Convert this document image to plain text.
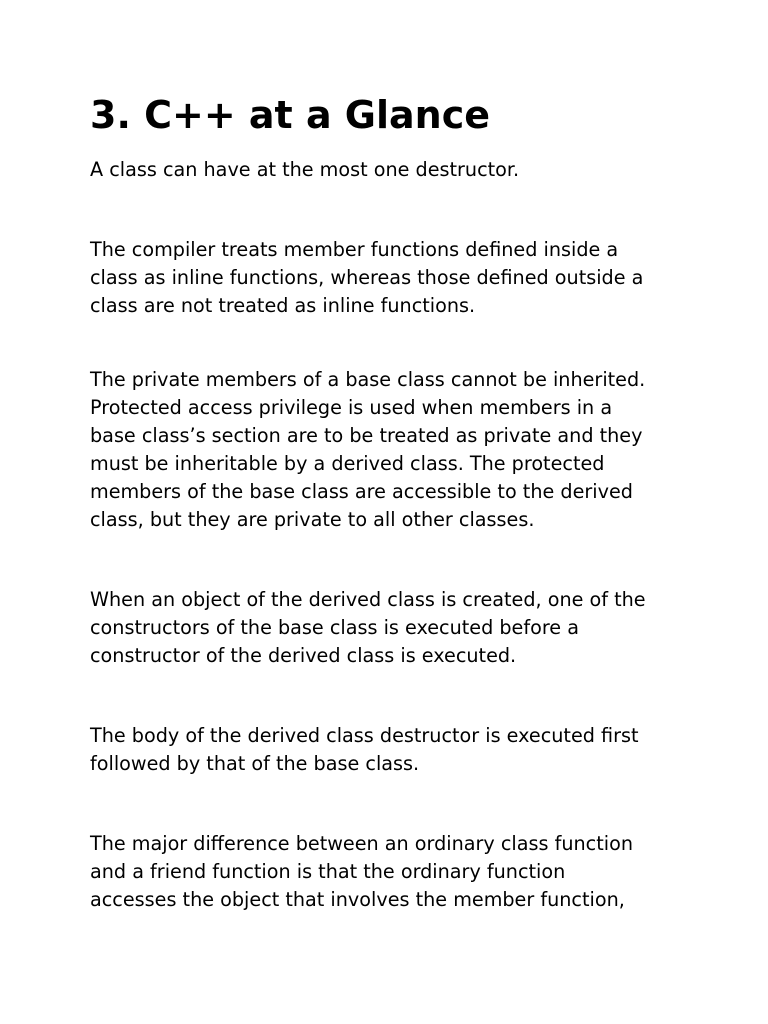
3. C++ at a Glance

A class can have at the most one destructor.

The compiler treats member functions defined inside a
class as inline functions, whereas those defined outside a
class are not treated as inline functions.

The private members of a base class cannot be inherited.
Protected access privilege is used when members in a
base class’s section are to be treated as private and they
must be inheritable by a derived class. The protected
members of the base class are accessible to the derived
class, but they are private to all other classes.

When an object of the derived class is created, one of the
constructors of the base class is executed before a
constructor of the derived class is executed.

The body of the derived class destructor is executed first
followed by that of the base class.

The major difference between an ordinary class function
and a friend function is that the ordinary function
accesses the object that involves the member function,
